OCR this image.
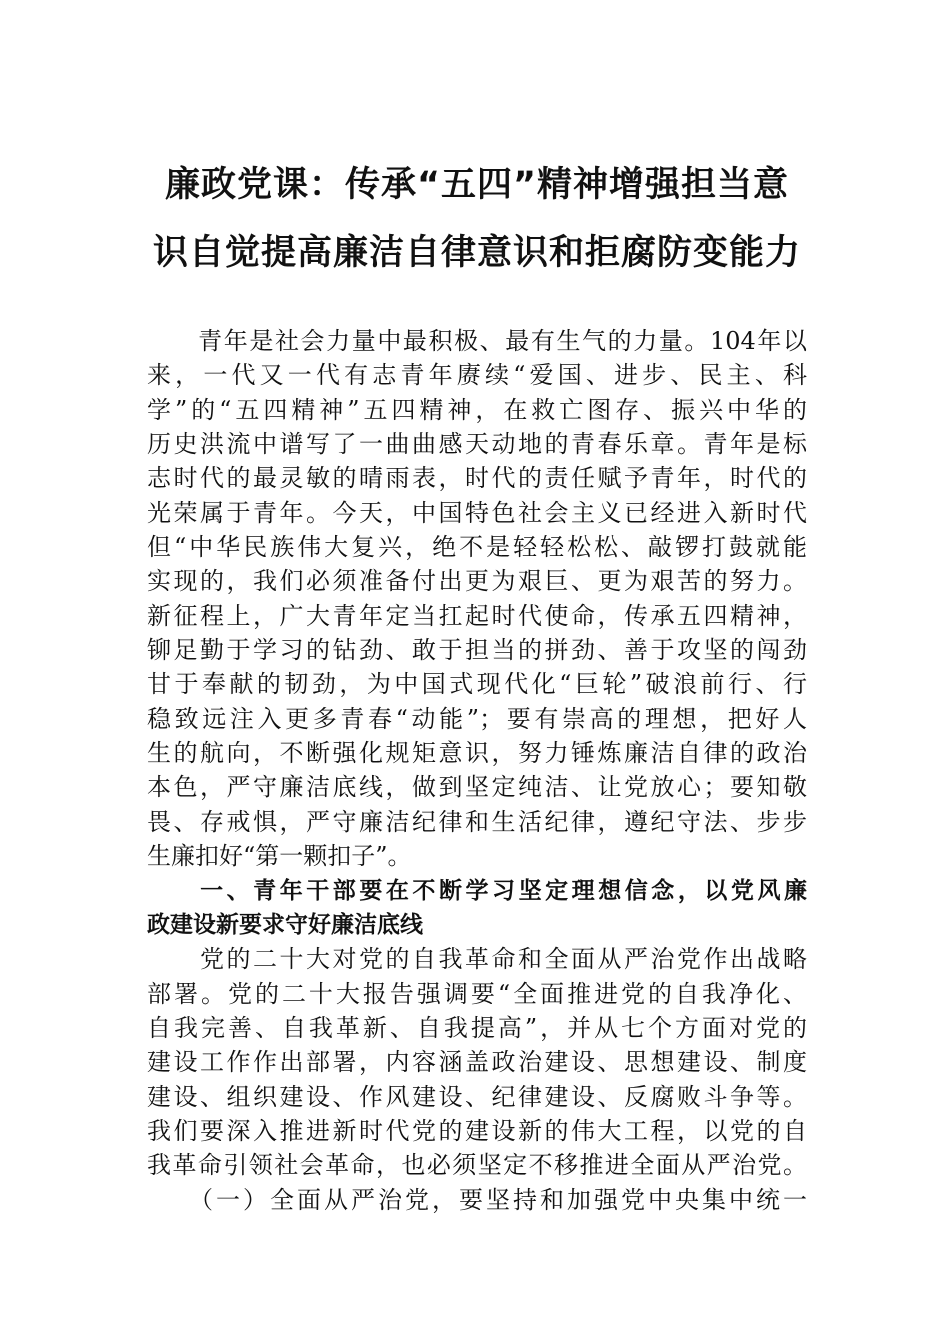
廉政党课：传承“五四”精神增强担当意
识自觉提高廉洁自律意识和拒腐防变能力
　　青年是社会力量中最积极、最有生气的力量。104年以
来，一代又一代有志青年赓续“爱国、进步、民主、科
学”的“五四精神”五四精神，在救亡图存、振兴中华的
历史洪流中谱写了一曲曲感天动地的青春乐章。青年是标
志时代的最灵敏的晴雨表，时代的责任赋予青年，时代的
光荣属于青年。今天，中国特色社会主义已经进入新时代
但“中华民族伟大复兴，绝不是轻轻松松、敲锣打鼓就能
实现的，我们必须准备付出更为艰巨、更为艰苦的努力。
新征程上，广大青年定当扛起时代使命，传承五四精神，
铆足勤于学习的钻劲、敢于担当的拼劲、善于攻坚的闯劲
甘于奉献的韧劲，为中国式现代化“巨轮”破浪前行、行
稳致远注入更多青春“动能”；要有崇高的理想，把好人
生的航向，不断强化规矩意识，努力锤炼廉洁自律的政治
本色，严守廉洁底线，做到坚定纯洁、让党放心；要知敬
畏、存戒惧，严守廉洁纪律和生活纪律，遵纪守法、步步
生廉扣好“第一颗扣子”。
　　一、青年干部要在不断学习坚定理想信念，以党风廉
政建设新要求守好廉洁底线
　　党的二十大对党的自我革命和全面从严治党作出战略
部署。党的二十大报告强调要“全面推进党的自我净化、
自我完善、自我革新、自我提高”，并从七个方面对党的
建设工作作出部署，内容涵盖政治建设、思想建设、制度
建设、组织建设、作风建设、纪律建设、反腐败斗争等。
我们要深入推进新时代党的建设新的伟大工程，以党的自
我革命引领社会革命，也必须坚定不移推进全面从严治党。
　　（一）全面从严治党，要坚持和加强党中央集中统一
